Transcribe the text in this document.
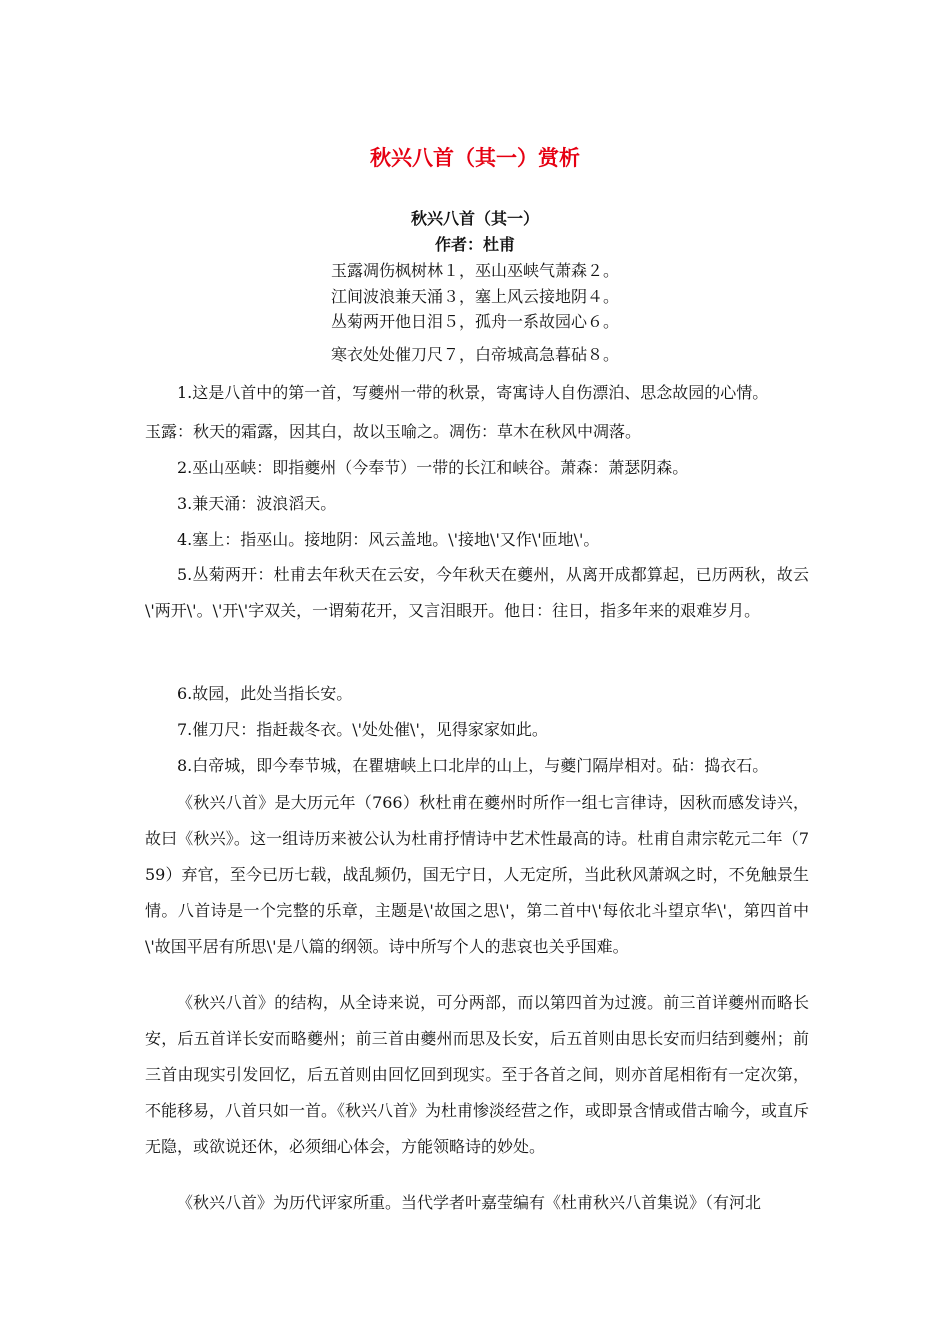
秋兴八首（其一）赏析
秋兴八首（其一）
作者：杜甫
玉露凋伤枫树林１，巫山巫峡气萧森２。
江间波浪兼天涌３，塞上风云接地阴４。
丛菊两开他日泪５，孤舟一系故园心６。
寒衣处处催刀尺７，白帝城高急暮砧８。
1.这是八首中的第一首，写夔州一带的秋景，寄寓诗人自伤漂泊、思念故园的心情。
玉露：秋天的霜露，因其白，故以玉喻之。凋伤：草木在秋风中凋落。
2.巫山巫峡：即指夔州（今奉节）一带的长江和峡谷。萧森：萧瑟阴森。
3.兼天涌：波浪滔天。
4.塞上：指巫山。接地阴：风云盖地。\'接地\'又作\'匝地\'。
5.丛菊两开：杜甫去年秋天在云安，今年秋天在夔州，从离开成都算起，已历两秋，故云\'两开\'。\'开\'字双关，一谓菊花开，又言泪眼开。他日：往日，指多年来的艰难岁月。
6.故园，此处当指长安。
7.催刀尺：指赶裁冬衣。\'处处催\'，见得家家如此。
8.白帝城，即今奉节城，在瞿塘峡上口北岸的山上，与夔门隔岸相对。砧：捣衣石。
《秋兴八首》是大历元年（766）秋杜甫在夔州时所作一组七言律诗，因秋而感发诗兴，故曰《秋兴》。这一组诗历来被公认为杜甫抒情诗中艺术性最高的诗。杜甫自肃宗乾元二年（759）弃官，至今已历七载，战乱频仍，国无宁日，人无定所，当此秋风萧飒之时，不免触景生情。八首诗是一个完整的乐章，主题是\'故国之思\'，第二首中\'每依北斗望京华\'，第四首中\'故国平居有所思\'是八篇的纲领。诗中所写个人的悲哀也关乎国难。
《秋兴八首》的结构，从全诗来说，可分两部，而以第四首为过渡。前三首详夔州而略长安，后五首详长安而略夔州；前三首由夔州而思及长安，后五首则由思长安而归结到夔州；前三首由现实引发回忆，后五首则由回忆回到现实。至于各首之间，则亦首尾相衔有一定次第，不能移易，八首只如一首。《秋兴八首》为杜甫惨淡经营之作，或即景含情或借古喻今，或直斥无隐，或欲说还休，必须细心体会，方能领略诗的妙处。
《秋兴八首》为历代评家所重。当代学者叶嘉莹编有《杜甫秋兴八首集说》（有河北
